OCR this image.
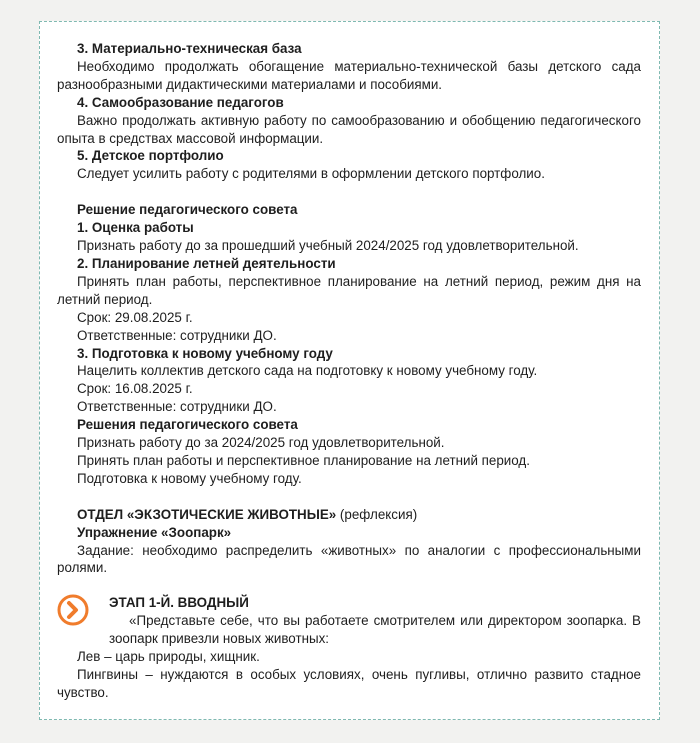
3. Материально-техническая база

Необходимо продолжать обогащение материально-технической базы детского сада разнообразными дидактическими материалами и пособиями.

4. Самообразование педагогов

Важно продолжать активную работу по самообразованию и обобщению педагогического опыта в средствах массовой информации.

5. Детское портфолио

Следует усилить работу с родителями в оформлении детского портфолио.

Решение педагогического совета

1. Оценка работы

Признать работу до за прошедший учебный 2024/2025 год удовлетворительной.

2. Планирование летней деятельности

Принять план работы, перспективное планирование на летний период, режим дня на летний период.

Срок: 29.08.2025 г.

Ответственные: сотрудники ДО.

3. Подготовка к новому учебному году

Нацелить коллектив детского сада на подготовку к новому учебному году.

Срок: 16.08.2025 г.

Ответственные: сотрудники ДО.

Решения педагогического совета

Признать работу до за 2024/2025 год удовлетворительной.

Принять план работы и перспективное планирование на летний период.

Подготовка к новому учебному году.

ОТДЕЛ «ЭКЗОТИЧЕСКИЕ ЖИВОТНЫЕ» (рефлексия)

Упражнение «Зоопарк»

Задание: необходимо распределить «животных» по аналогии с профессиональными ролями.

ЭТАП 1-Й. ВВОДНЫЙ

«Представьте себе, что вы работаете смотрителем или директором зоопарка. В зоопарк привезли новых животных:

Лев – царь природы, хищник.

Пингвины – нуждаются в особых условиях, очень пугливы, отлично развито стадное чувство.
